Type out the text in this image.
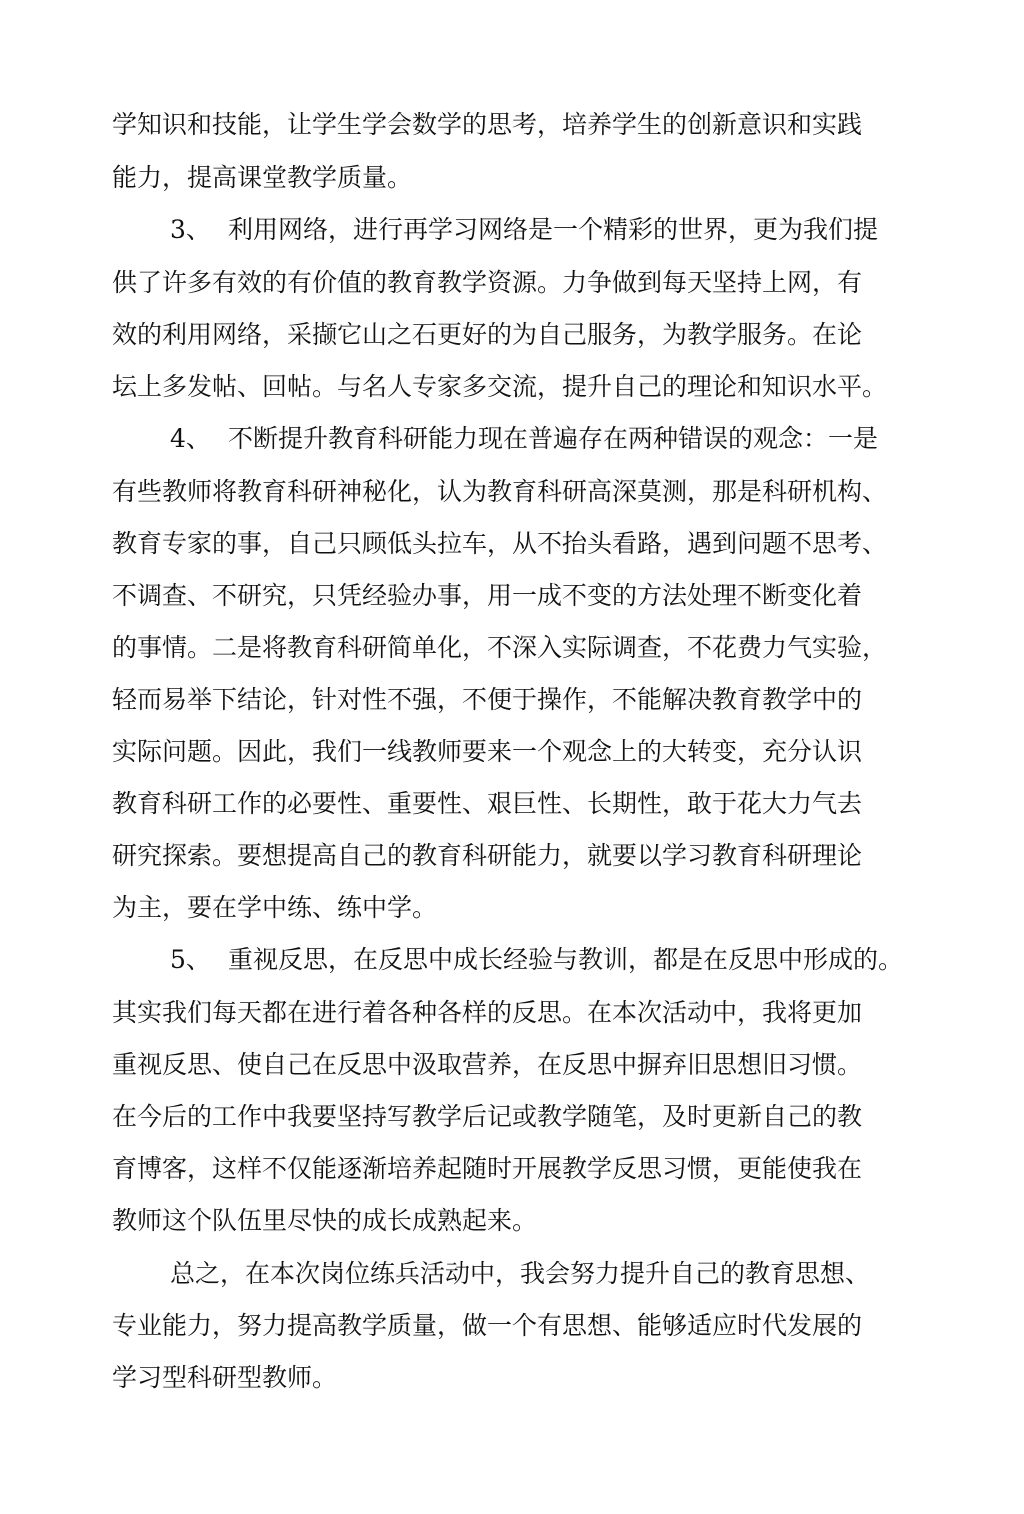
学知识和技能，让学生学会数学的思考，培养学生的创新意识和实践
能力，提高课堂教学质量。
3、 利用网络，进行再学习网络是一个精彩的世界，更为我们提
供了许多有效的有价值的教育教学资源。力争做到每天坚持上网，有
效的利用网络，采撷它山之石更好的为自己服务，为教学服务。在论
坛上多发帖、回帖。与名人专家多交流，提升自己的理论和知识水平。
4、 不断提升教育科研能力现在普遍存在两种错误的观念：一是
有些教师将教育科研神秘化，认为教育科研高深莫测，那是科研机构、
教育专家的事，自己只顾低头拉车，从不抬头看路，遇到问题不思考、
不调查、不研究，只凭经验办事，用一成不变的方法处理不断变化着
的事情。二是将教育科研简单化，不深入实际调查，不花费力气实验，
轻而易举下结论，针对性不强，不便于操作，不能解决教育教学中的
实际问题。因此，我们一线教师要来一个观念上的大转变，充分认识
教育科研工作的必要性、重要性、艰巨性、长期性，敢于花大力气去
研究探索。要想提高自己的教育科研能力，就要以学习教育科研理论
为主，要在学中练、练中学。
5、 重视反思，在反思中成长经验与教训，都是在反思中形成的。
其实我们每天都在进行着各种各样的反思。在本次活动中，我将更加
重视反思、使自己在反思中汲取营养，在反思中摒弃旧思想旧习惯。
在今后的工作中我要坚持写教学后记或教学随笔，及时更新自己的教
育博客，这样不仅能逐渐培养起随时开展教学反思习惯，更能使我在
教师这个队伍里尽快的成长成熟起来。
总之，在本次岗位练兵活动中，我会努力提升自己的教育思想、
专业能力，努力提高教学质量，做一个有思想、能够适应时代发展的
学习型科研型教师。
